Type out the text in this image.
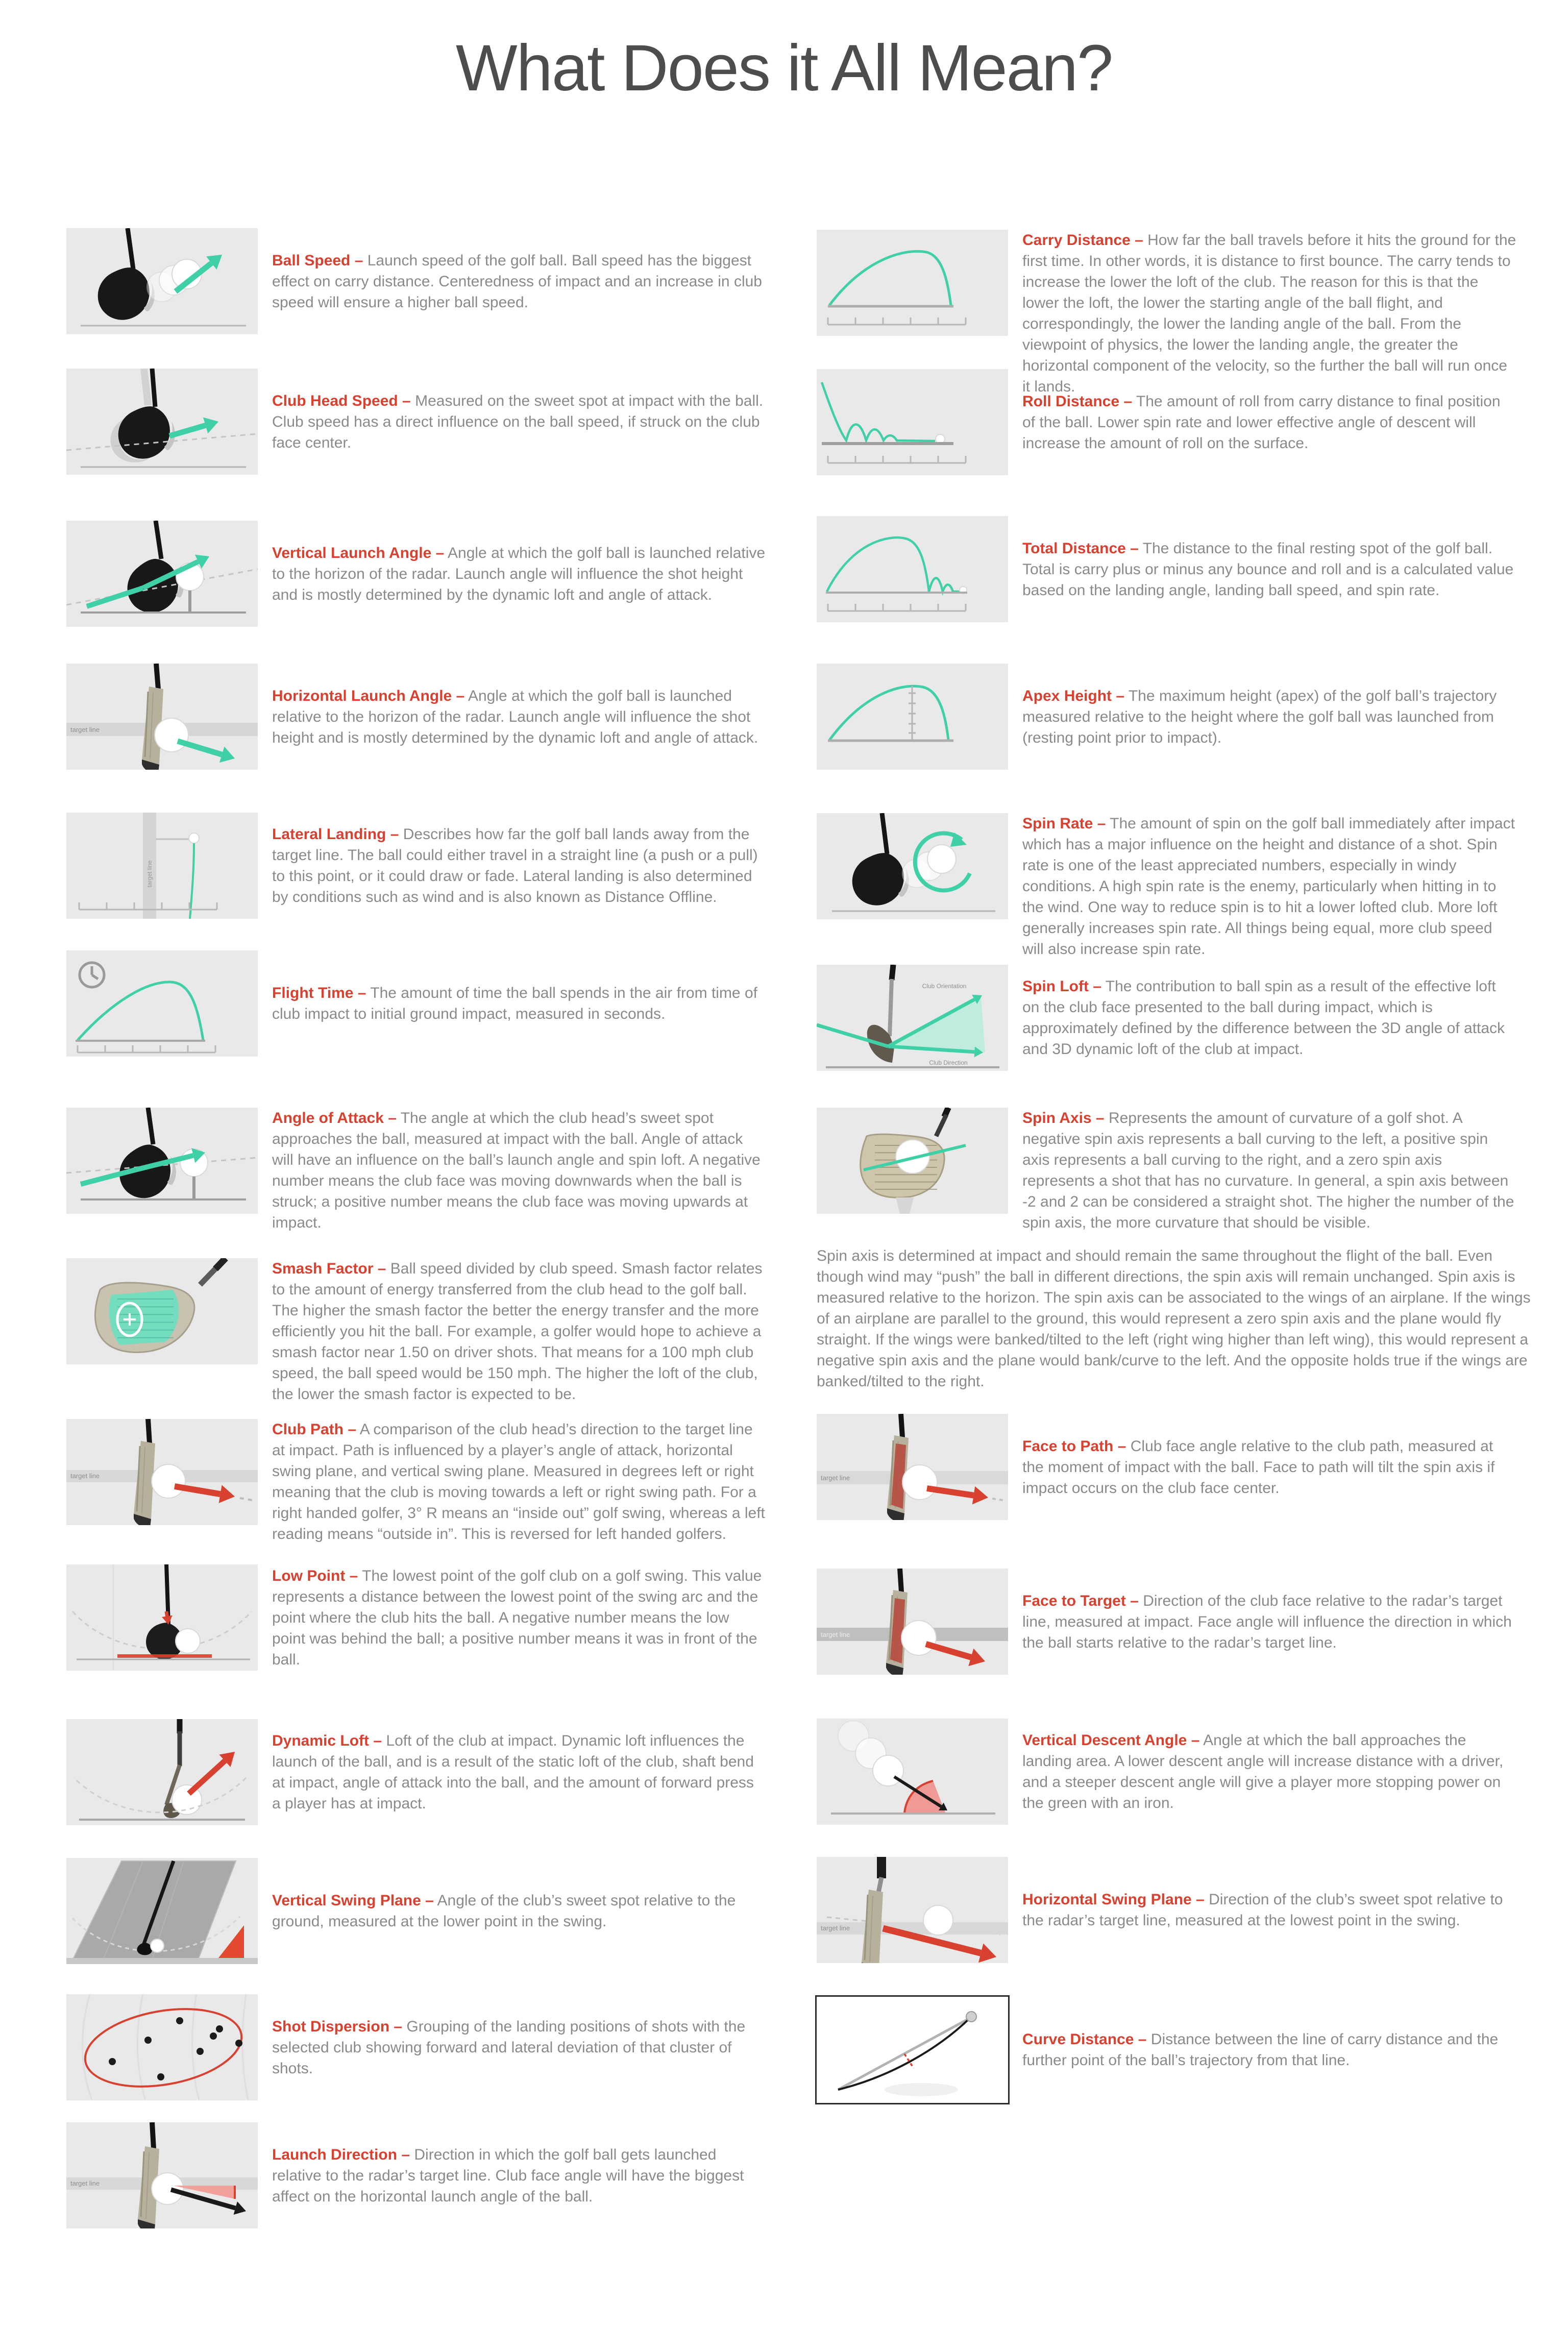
What Does it All Mean?

Spin axis is determined at impact and should remain the same throughout the flight of the ball. Even though wind may “push” the ball in different directions, the spin axis will remain unchanged. Spin axis is measured relative to the horizon. The spin axis can be associated to the wings of an airplane. If the wings of an airplane are parallel to the ground, this would represent a zero spin axis and the plane would fly straight. If the wings were banked/tilted to the left (right wing higher than left wing), this would represent a negative spin axis and the plane would bank/curve to the left. And the opposite holds true if the wings are banked/tilted to the right.

Ball Speed – Launch speed of the golf ball. Ball speed has the biggest effect on carry distance. Centeredness of impact and an increase in club speed will ensure a higher ball speed.

Club Head Speed – Measured on the sweet spot at impact with the ball. Club speed has a direct influence on the ball speed, if struck on the club face center.

Vertical Launch Angle – Angle at which the golf ball is launched relative to the horizon of the radar. Launch angle will influence the shot height and is mostly determined by the dynamic loft and angle of attack.

target line

Horizontal Launch Angle – Angle at which the golf ball is launched relative to the horizon of the radar. Launch angle will influence the shot height and is mostly determined by the dynamic loft and angle of attack.

target line

Lateral Landing – Describes how far the golf ball lands away from the target line. The ball could either travel in a straight line (a push or a pull) to this point, or it could draw or fade. Lateral landing is also determined by conditions such as wind and is also known as Distance Offline.

Flight Time – The amount of time the ball spends in the air from time of club impact to initial ground impact, measured in seconds.

Angle of Attack – The angle at which the club head’s sweet spot approaches the ball, measured at impact with the ball. Angle of attack will have an influence on the ball’s launch angle and spin loft. A negative number means the club face was moving downwards when the ball is struck; a positive number means the club face was moving upwards at impact.

Smash Factor – Ball speed divided by club speed. Smash factor relates to the amount of energy transferred from the club head to the golf ball. The higher the smash factor the better the energy transfer and the more efficiently you hit the ball. For example, a golfer would hope to achieve a smash factor near 1.50 on driver shots. That means for a 100 mph club speed, the ball speed would be 150 mph. The higher the loft of the club, the lower the smash factor is expected to be.

target line

Club Path – A comparison of the club head’s direction to the target line at impact. Path is influenced by a player’s angle of attack, horizontal swing plane, and vertical swing plane. Measured in degrees left or right meaning that the club is moving towards a left or right swing path. For a right handed golfer, 3° R means an “inside out” golf swing, whereas a left reading means “outside in”. This is reversed for left handed golfers.

Low Point – The lowest point of the golf club on a golf swing. This value represents a distance between the lowest point of the swing arc and the point where the club hits the ball. A negative number means the low point was behind the ball; a positive number means it was in front of the ball.

Dynamic Loft – Loft of the club at impact. Dynamic loft influences the launch of the ball, and is a result of the static loft of the club, shaft bend at impact, angle of attack into the ball, and the amount of forward press a player has at impact.

Vertical Swing Plane – Angle of the club’s sweet spot relative to the ground, measured at the lower point in the swing.

Shot Dispersion – Grouping of the landing positions of shots with the selected club showing forward and lateral deviation of that cluster of shots.

target line

Launch Direction – Direction in which the golf ball gets launched relative to the radar’s target line. Club face angle will have the biggest affect on the horizontal launch angle of the ball.

Carry Distance – How far the ball travels before it hits the ground for the first time. In other words, it is distance to first bounce. The carry tends to increase the lower the loft of the club. The reason for this is that the lower the loft, the lower the starting angle of the ball flight, and correspondingly, the lower the landing angle of the ball. From the viewpoint of physics, the lower the landing angle, the greater the horizontal component of the velocity, so the further the ball will run once it lands.

Roll Distance – The amount of roll from carry distance to final position of the ball. Lower spin rate and lower effective angle of descent will increase the amount of roll on the surface.

Total Distance – The distance to the final resting spot of the golf ball. Total is carry plus or minus any bounce and roll and is a calculated value based on the landing angle, landing ball speed, and spin rate.

Apex Height – The maximum height (apex) of the golf ball’s trajectory measured relative to the height where the golf ball was launched from (resting point prior to impact).

Spin Rate – The amount of spin on the golf ball immediately after impact which has a major influence on the height and distance of a shot. Spin rate is one of the least appreciated numbers, especially in windy conditions. A high spin rate is the enemy, particularly when hitting in to the wind. One way to reduce spin is to hit a lower lofted club. More loft generally increases spin rate. All things being equal, more club speed will also increase spin rate.

Club Orientation
Club Direction

Spin Loft – The contribution to ball spin as a result of the effective loft on the club face presented to the ball during impact, which is approximately defined by the difference between the 3D angle of attack and 3D dynamic loft of the club at impact.

Spin Axis – Represents the amount of curvature of a golf shot. A negative spin axis represents a ball curving to the left, a positive spin axis represents a ball curving to the right, and a zero spin axis represents a shot that has no curvature. In general, a spin axis between -2 and 2 can be considered a straight shot. The higher the number of the spin axis, the more curvature that should be visible.

target line

Face to Path – Club face angle relative to the club path, measured at the moment of impact with the ball. Face to path will tilt the spin axis if impact occurs on the club face center.

target line

Face to Target – Direction of the club face relative to the radar’s target line, measured at impact. Face angle will influence the direction in which the ball starts relative to the radar’s target line.

Vertical Descent Angle – Angle at which the ball approaches the landing area. A lower descent angle will increase distance with a driver, and a steeper descent angle will give a player more stopping power on the green with an iron.

target line

Horizontal Swing Plane – Direction of the club’s sweet spot relative to the radar’s target line, measured at the lowest point in the swing.

Curve Distance – Distance between the line of carry distance and the further point of the ball’s trajectory from that line.
